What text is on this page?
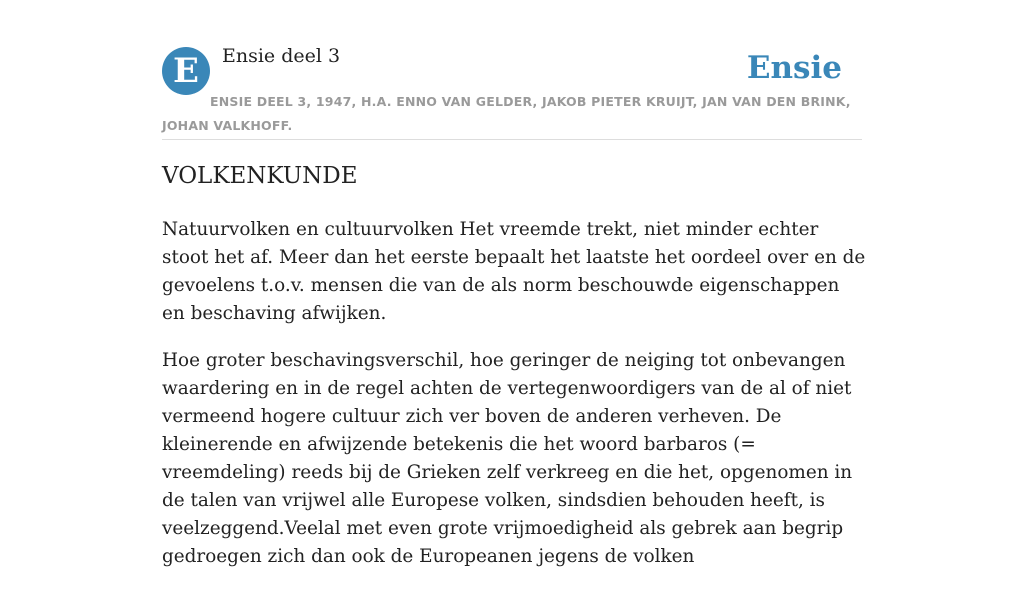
E	Ensie deel 3	Ensie
ENSIE DEEL 3, 1947, H.A. ENNO VAN GELDER, JAKOB PIETER KRUIJT, JAN VAN DEN BRINK, JOHAN VALKHOFF.
VOLKENKUNDE

Natuurvolken en cultuurvolken Het vreemde trekt, niet minder echter stoot het af. Meer dan het eerste bepaalt het laatste het oordeel over en de gevoelens t.o.v. mensen die van de als norm beschouwde eigenschappen en beschaving afwijken.

Hoe groter beschavingsverschil, hoe geringer de neiging tot onbevangen waardering en in de regel achten de vertegenwoordigers van de al of niet vermeend hogere cultuur zich ver boven de anderen verheven. De kleinerende en afwijzende betekenis die het woord barbaros (= vreemdeling) reeds bij de Grieken zelf verkreeg en die het, opgenomen in de talen van vrijwel alle Europese volken, sindsdien behouden heeft, is veelzeggend.Veelal met even grote vrijmoedigheid als gebrek aan begrip gedroegen zich dan ook de Europeanen jegens de volken
